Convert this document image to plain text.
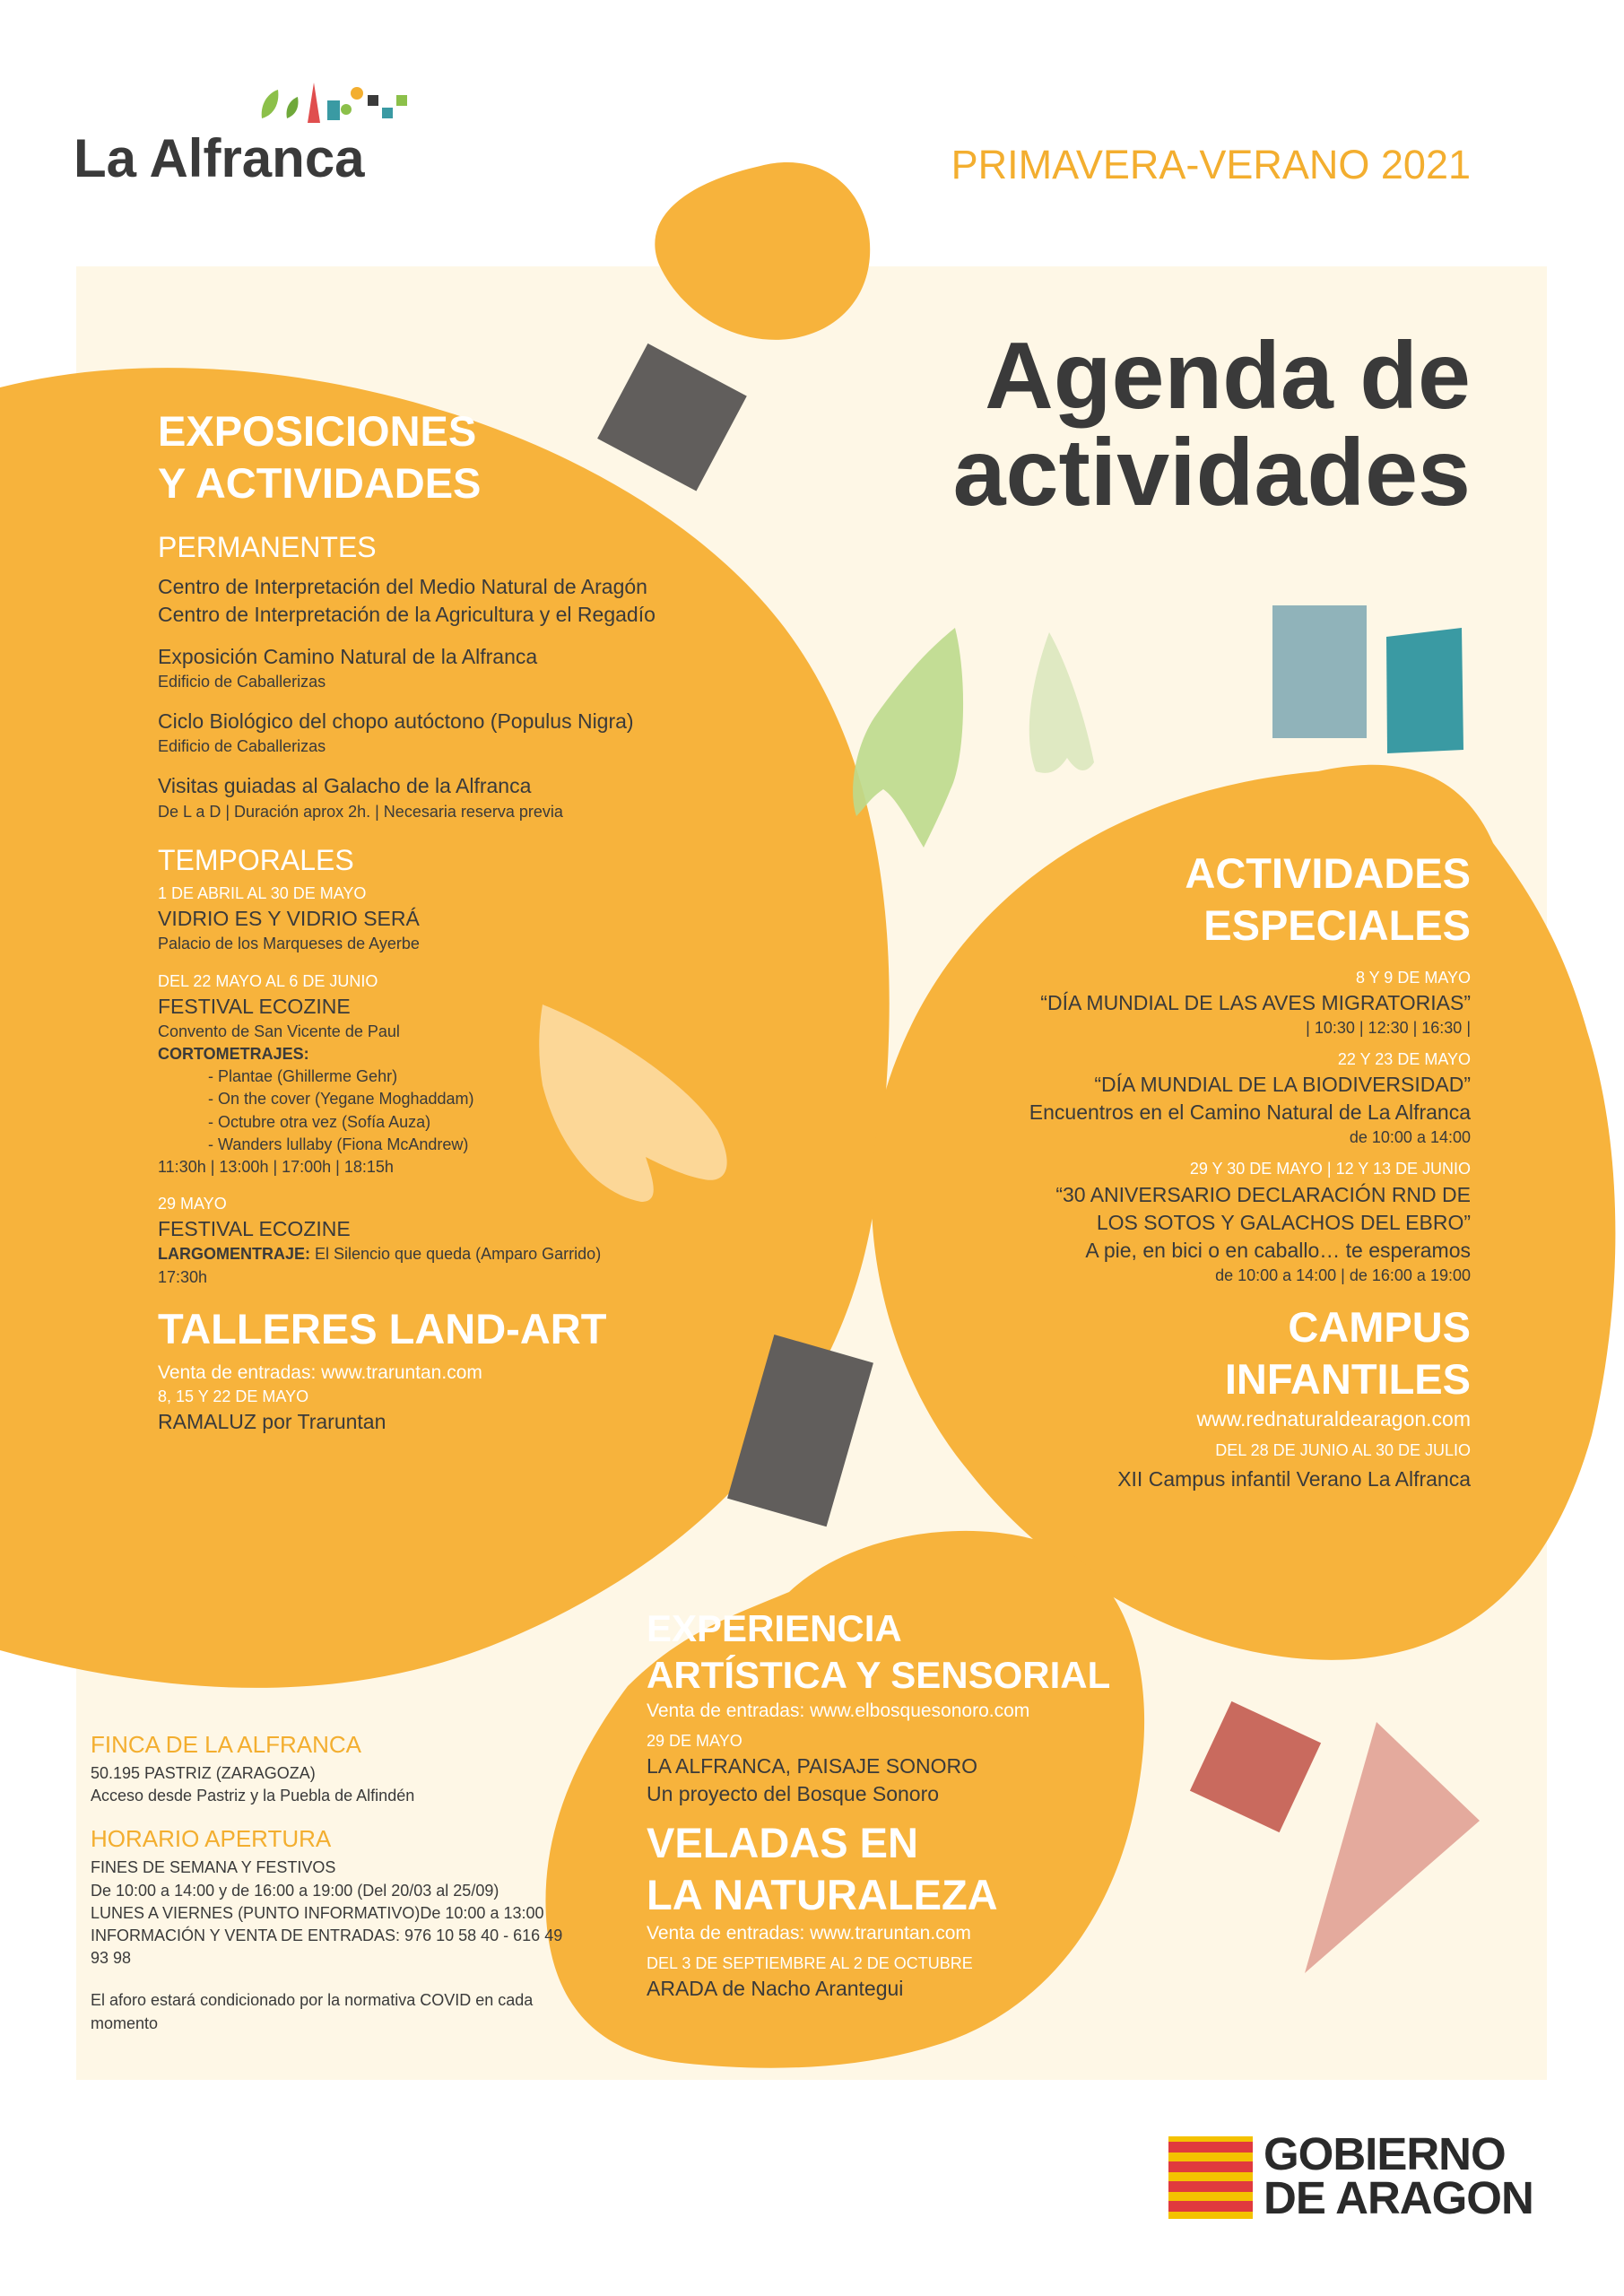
La Alfranca	PRIMAVERA-VERANO 2021
Agenda de
actividades
EXPOSICIONES
Y ACTIVIDADES
PERMANENTES
Centro de Interpretación del Medio Natural de Aragón
Centro de Interpretación de la Agricultura y el Regadío
Exposición Camino Natural de la Alfranca
Edificio de Caballerizas
Ciclo Biológico del chopo autóctono (Populus Nigra)
Edificio de Caballerizas
Visitas guiadas al Galacho de la Alfranca
De L a D | Duración aprox 2h. | Necesaria reserva previa
TEMPORALES
1 DE ABRIL AL 30 DE MAYO
VIDRIO ES Y VIDRIO SERÁ
Palacio de los Marqueses de Ayerbe
DEL 22 MAYO AL 6 DE JUNIO
FESTIVAL ECOZINE
Convento de San Vicente de Paul
CORTOMETRAJES:
- Plantae (Ghillerme Gehr)
- On the cover (Yegane Moghaddam)
- Octubre otra vez (Sofía Auza)
- Wanders lullaby (Fiona McAndrew)
11:30h | 13:00h | 17:00h | 18:15h
29 MAYO
FESTIVAL ECOZINE
LARGOMENTRAJE: El Silencio que queda (Amparo Garrido)
17:30h
TALLERES LAND-ART
Venta de entradas: www.traruntan.com
8, 15 Y 22 DE MAYO
RAMALUZ por Traruntan
ACTIVIDADES
ESPECIALES
8 Y 9 DE MAYO
“DÍA MUNDIAL DE LAS AVES MIGRATORIAS”
| 10:30 | 12:30 | 16:30 |
22 Y 23 DE MAYO
“DÍA MUNDIAL DE LA BIODIVERSIDAD”
Encuentros en el Camino Natural de La Alfranca
de 10:00 a 14:00
29 Y 30 DE MAYO | 12 Y 13 DE JUNIO
“30 ANIVERSARIO DECLARACIÓN RND DE
LOS SOTOS Y GALACHOS DEL EBRO”
A pie, en bici o en caballo… te esperamos
de 10:00 a 14:00 | de 16:00 a 19:00
CAMPUS
INFANTILES
www.rednaturaldearagon.com
DEL 28 DE JUNIO AL 30 DE JULIO
XII Campus infantil Verano La Alfranca
EXPERIENCIA
ARTÍSTICA Y SENSORIAL
Venta de entradas: www.elbosquesonoro.com
29 DE MAYO
LA ALFRANCA, PAISAJE SONORO
Un proyecto del Bosque Sonoro
VELADAS EN
LA NATURALEZA
Venta de entradas: www.traruntan.com
DEL 3 DE SEPTIEMBRE AL 2 DE OCTUBRE
ARADA de Nacho Arantegui
FINCA DE LA ALFRANCA
50.195 PASTRIZ (ZARAGOZA)
Acceso desde Pastriz y la Puebla de Alfindén
HORARIO APERTURA
FINES DE SEMANA Y FESTIVOS
De 10:00 a 14:00 y de 16:00 a 19:00 (Del 20/03 al 25/09)
LUNES A VIERNES (PUNTO INFORMATIVO)De 10:00 a 13:00
INFORMACIÓN Y VENTA DE ENTRADAS: 976 10 58 40 - 616 49 93 98
El aforo estará condicionado por la normativa COVID en cada momento
GOBIERNO
DE ARAGON
